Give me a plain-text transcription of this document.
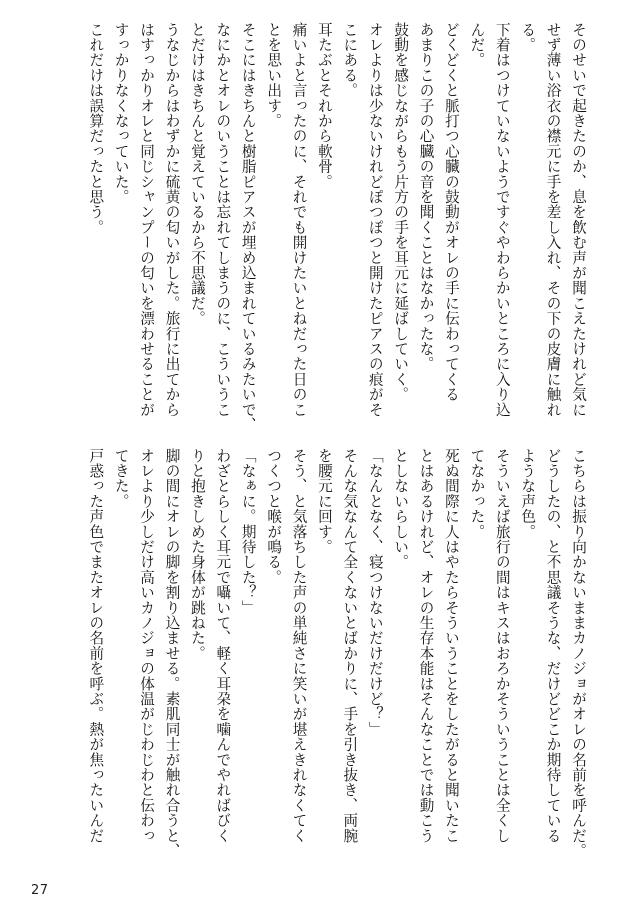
そのせいで起きたのか、息を飲む声が聞こえたけれど気に
せず薄い浴衣の襟元に手を差し入れ、その下の皮膚に触れ
る。
下着はつけていないようですぐやわらかいところに入り込
んだ。
どくどくと脈打つ心臓の鼓動がオレの手に伝わってくる
あまりこの子の心臓の音を聞くことはなかったな。
鼓動を感じながらもう片方の手を耳元に延ばしていく。
オレよりは少ないけれどぽつぽつと開けたピアスの痕がそ
こにある。
耳たぶとそれから軟骨。
痛いよと言ったのに、それでも開けたいとねだった日のこ
とを思い出す。
そこにはきちんと樹脂ピアスが埋め込まれているみたいで、
なにかとオレのいうことは忘れてしまうのに、こういうこ
とだけはきちんと覚えているから不思議だ。
うなじからはわずかに硫黄の匂いがした。旅行に出てから
はすっかりオレと同じシャンプーの匂いを漂わせることが
すっかりなくなっていた。
これだけは誤算だったと思う。
こちらは振り向かないままカノジョがオレの名前を呼んだ。
どうしたの、と不思議そうな、だけどどこか期待している
ような声色。
そういえば旅行の間はキスはおろかそういうことは全くし
てなかった。
死ぬ間際に人はやたらそういうことをしたがると聞いたこ
とはあるけれど、オレの生存本能はそんなことでは動こう
としないらしい。
「なんとなく、寝つけないだけだけど？」
そんな気なんて全くないとばかりに、手を引き抜き、両腕
を腰元に回す。
そう、と気落ちした声の単純さに笑いが堪えきれなくてく
つくつと喉が鳴る。
「なぁに。期待した？」
わざとらしく耳元で囁いて、軽く耳朶を噛んでやればびく
りと抱きしめた身体が跳ねた。
脚の間にオレの脚を割り込ませる。素肌同士が触れ合うと、
オレより少しだけ高いカノジョの体温がじわじわと伝わっ
てきた。
戸惑った声色でまたオレの名前を呼ぶ。熱が焦ったいんだ
27
